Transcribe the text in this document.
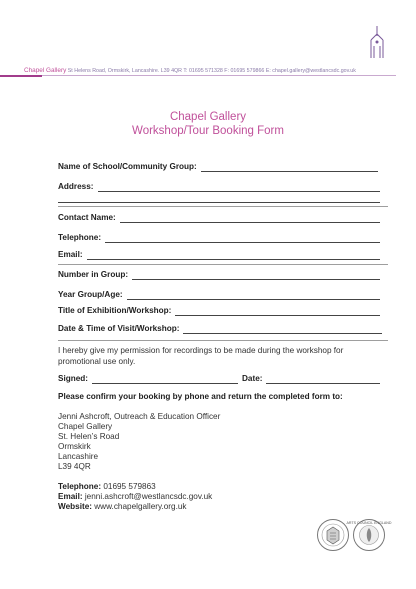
Chapel Gallery St Helens Road, Ormskirk, Lancashire. L39 4QR T: 01695 571328 F: 01695 579866 E: chapel.gallery@westlancsdc.gov.uk
Chapel Gallery
Workshop/Tour Booking Form
Name of School/Community Group:
Address:
Contact Name:
Telephone:
Email:
Number in Group:
Year Group/Age:
Title of Exhibition/Workshop:
Date & Time of Visit/Workshop:
I hereby give my permission for recordings to be made during the workshop for promotional use only.
Signed:	Date:
Please confirm your booking by phone and return the completed form to:
Jenni Ashcroft, Outreach & Education Officer
Chapel Gallery
St. Helen’s Road
Ormskirk
Lancashire
L39 4QR
Telephone: 01695 579863
Email: jenni.ashcroft@westlancsdc.gov.uk
Website: www.chapelgallery.org.uk
ARTS COUNCIL ENGLAND
